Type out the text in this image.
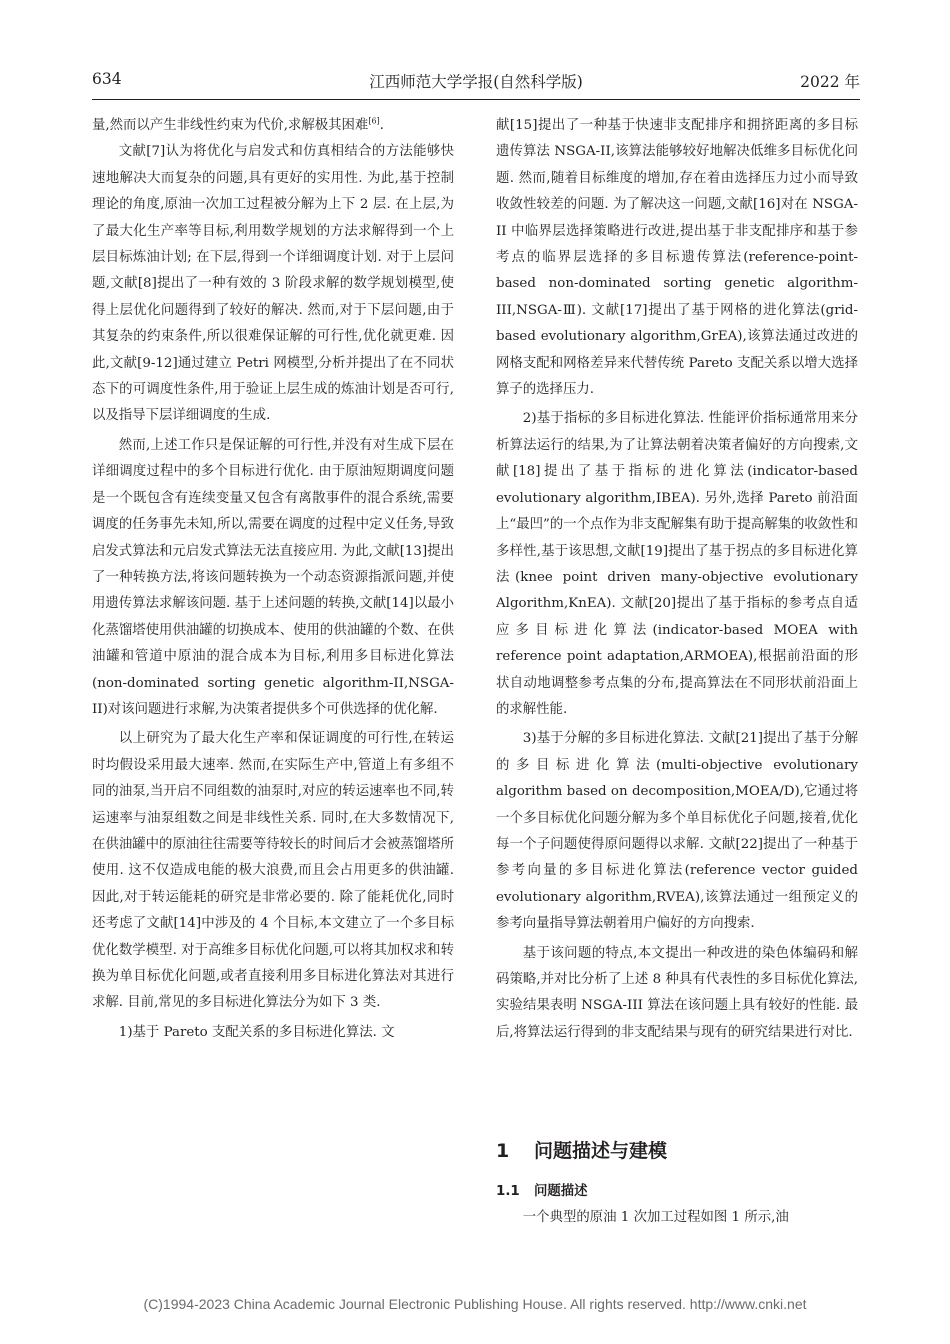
634	江西师范大学学报(自然科学版)	2022 年

量,然而以产生非线性约束为代价,求解极其困难[6].

文献[7]认为将优化与启发式和仿真相结合的方法能够快速地解决大而复杂的问题,具有更好的实用性. 为此,基于控制理论的角度,原油一次加工过程被分解为上下 2 层. 在上层,为了最大化生产率等目标,利用数学规划的方法求解得到一个上层目标炼油计划; 在下层,得到一个详细调度计划. 对于上层问题,文献[8]提出了一种有效的 3 阶段求解的数学规划模型,使得上层优化问题得到了较好的解决. 然而,对于下层问题,由于其复杂的约束条件,所以很难保证解的可行性,优化就更难. 因此,文献[9-12]通过建立 Petri 网模型,分析并提出了在不同状态下的可调度性条件,用于验证上层生成的炼油计划是否可行,以及指导下层详细调度的生成.

然而,上述工作只是保证解的可行性,并没有对生成下层在详细调度过程中的多个目标进行优化. 由于原油短期调度问题是一个既包含有连续变量又包含有离散事件的混合系统,需要调度的任务事先未知,所以,需要在调度的过程中定义任务,导致启发式算法和元启发式算法无法直接应用. 为此,文献[13]提出了一种转换方法,将该问题转换为一个动态资源指派问题,并使用遗传算法求解该问题. 基于上述问题的转换,文献[14]以最小化蒸馏塔使用供油罐的切换成本、使用的供油罐的个数、在供油罐和管道中原油的混合成本为目标,利用多目标进化算法(non-dominated sorting genetic algorithm-II,NSGA-II)对该问题进行求解,为决策者提供多个可供选择的优化解.

以上研究为了最大化生产率和保证调度的可行性,在转运时均假设采用最大速率. 然而,在实际生产中,管道上有多组不同的油泵,当开启不同组数的油泵时,对应的转运速率也不同,转运速率与油泵组数之间是非线性关系. 同时,在大多数情况下,在供油罐中的原油往往需要等待较长的时间后才会被蒸馏塔所使用. 这不仅造成电能的极大浪费,而且会占用更多的供油罐. 因此,对于转运能耗的研究是非常必要的. 除了能耗优化,同时还考虑了文献[14]中涉及的 4 个目标,本文建立了一个多目标优化数学模型. 对于高维多目标优化问题,可以将其加权求和转换为单目标优化问题,或者直接利用多目标进化算法对其进行求解. 目前,常见的多目标进化算法分为如下 3 类.

1)基于 Pareto 支配关系的多目标进化算法. 文

献[15]提出了一种基于快速非支配排序和拥挤距离的多目标遗传算法 NSGA-II,该算法能够较好地解决低维多目标优化问题. 然而,随着目标维度的增加,存在着由选择压力过小而导致收敛性较差的问题. 为了解决这一问题,文献[16]对在 NSGA-II 中临界层选择策略进行改进,提出基于非支配排序和基于参考点的临界层选择的多目标遗传算法(reference-point-based non-dominated sorting genetic algorithm-III,NSGA-Ⅲ). 文献[17]提出了基于网格的进化算法(grid-based evolutionary algorithm,GrEA),该算法通过改进的网格支配和网格差异来代替传统 Pareto 支配关系以增大选择算子的选择压力.

2)基于指标的多目标进化算法. 性能评价指标通常用来分析算法运行的结果,为了让算法朝着决策者偏好的方向搜索,文献[18]提出了基于指标的进化算法(indicator-based evolutionary algorithm,IBEA). 另外,选择 Pareto 前沿面上“最凹”的一个点作为非支配解集有助于提高解集的收敛性和多样性,基于该思想,文献[19]提出了基于拐点的多目标进化算法(knee point driven many-objective evolutionary Algorithm,KnEA). 文献[20]提出了基于指标的参考点自适应多目标进化算法(indicator-based MOEA with reference point adaptation,ARMOEA),根据前沿面的形状自动地调整参考点集的分布,提高算法在不同形状前沿面上的求解性能.

3)基于分解的多目标进化算法. 文献[21]提出了基于分解的多目标进化算法(multi-objective evolutionary algorithm based on decomposition,MOEA/D),它通过将一个多目标优化问题分解为多个单目标优化子问题,接着,优化每一个子问题使得原问题得以求解. 文献[22]提出了一种基于参考向量的多目标进化算法(reference vector guided evolutionary algorithm,RVEA),该算法通过一组预定义的参考向量指导算法朝着用户偏好的方向搜索.

基于该问题的特点,本文提出一种改进的染色体编码和解码策略,并对比分析了上述 8 种具有代表性的多目标优化算法,实验结果表明 NSGA-III 算法在该问题上具有较好的性能. 最后,将算法运行得到的非支配结果与现有的研究结果进行对比.

1 问题描述与建模

1.1 问题描述

一个典型的原油 1 次加工过程如图 1 所示,油

(C)1994-2023 China Academic Journal Electronic Publishing House. All rights reserved. http://www.cnki.net
